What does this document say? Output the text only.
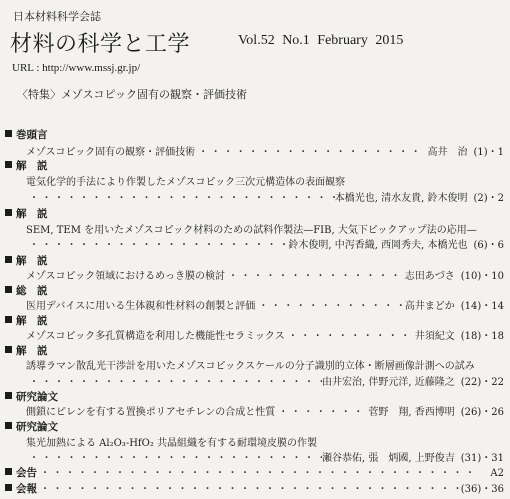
日本材料科学会誌
材料の科学と工学	Vol.52 No.1 February 2015
URL : http://www.mssj.gr.jp/
〈特集〉メゾスコピック固有の観察・評価技術
巻頭言
メゾスコピック固有の観察・評価技術 ・・・・・・・・・・・・・・・・・・・・・・・・・・・・・・・・・・・・・・・・・・・・・・・・・・・・・・・・・・・・・・・・・・・・	高井　治 (1)・1
解　説
電気化学的手法により作製したメゾスコピック三次元構造体の表面観察
・・・・・・・・・・・・・・・・・・・・・・・・・・・・・・・・・・・・・・・・・・・・・・・・・・・・・・・・・・・・・・・・・・・・
本橋光也, 清水友貴, 鈴木俊明 (2)・2
解　説
SEM, TEM を用いたメゾスコピック材料のための試料作製法—FIB, 大気下ピックアップ法の応用—
・・・・・・・・・・・・・・・・・・・・・・・・・・・・・・・・・・・・・・・・・・・・・・・・・・・・・・・・・・・・・・・・・・・・
鈴木俊明, 中泻香織, 西岡秀夫, 本橋光也 (6)・6
解　説
メゾスコピック領域におけるめっき膜の検討 ・・・・・・・・・・・・・・・・・・・・・・・・・・・・・・・・・・・・・・・・・・・・・・・・・・・・・・・・・・・・・・・・・・・・	志田あづさ (10)・10
総　説
医用デバイスに用いる生体親和性材料の創製と評価 ・・・・・・・・・・・・・・・・・・・・・・・・・・・・・・・・・・・・・・・・・・・・・・・・・・・・・・・・・・・・・・・・・・・・	高井まどか (14)・14
解　説
メゾスコピック多孔質構造を利用した機能性セラミックス ・・・・・・・・・・・・・・・・・・・・・・・・・・・・・・・・・・・・・・・・・・・・・・・・・・・・・・・・・・・・・・・・・・・・	井須紀文 (18)・18
解　説
誘導ラマン散乱光干渉計を用いたメゾスコピックスケールの分子識別的立体・断層画像計測への試み
・・・・・・・・・・・・・・・・・・・・・・・・・・・・・・・・・・・・・・・・・・・・・・・・・・・・・・・・・・・・・・・・・・・・
由井宏治, 伴野元洋, 近藤隆之 (22)・22
研究論文
側鎖にピレンを有する置換ポリアセチレンの合成と性質 ・・・・・・・・・・・・・・・・・・・・・・・・・・・・・・・・・・・・・・・・・・・・・・・・・・・・・・・・・・・・・・・・・・・・	菅野　翔, 香西博明 (26)・26
研究論文
集光加熱による Al₂O₃-HfO₂ 共晶組織を有する耐環境皮膜の作製
・・・・・・・・・・・・・・・・・・・・・・・・・・・・・・・・・・・・・・・・・・・・・・・・・・・・・・・・・・・・・・・・・・・・
瀬谷恭佑, 張　炳國, 上野俊吉 (31)・31
会告 ・・・・・・・・・・・・・・・・・・・・・・・・・・・・・・・・・・・・・・・・・・・・・・・・・・・・・・・・・・・・・・・・・・・・	A2
会報 ・・・・・・・・・・・・・・・・・・・・・・・・・・・・・・・・・・・・・・・・・・・・・・・・・・・・・・・・・・・・・・・・・・・・	(36)・36
